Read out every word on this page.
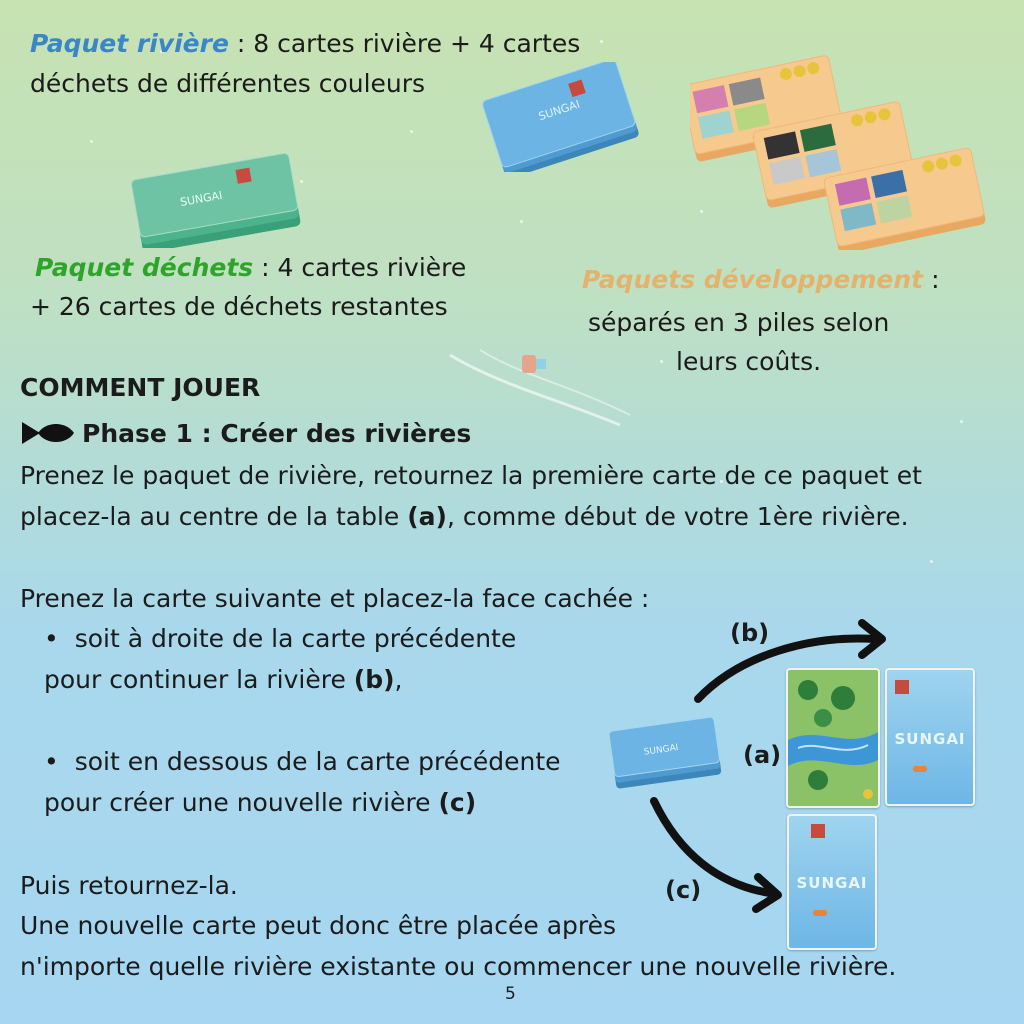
Paquet rivière : 8 cartes rivière + 4 cartes
déchets de différentes couleurs
SUNGAI
SUNGAI
Paquet déchets : 4 cartes rivière
+ 26 cartes de déchets restantes
Paquets développement :
séparés en 3 piles selon
leurs coûts.
COMMENT JOUER
Phase 1 : Créer des rivières
Prenez le paquet de rivière, retournez la première carte de ce paquet et
placez-la au centre de la table (a), comme début de votre 1ère rivière.
Prenez la carte suivante et placez-la face cachée :
• soit à droite de la carte précédente
pour continuer la rivière (b),
• soit en dessous de la carte précédente
pour créer une nouvelle rivière (c)
Puis retournez-la.
Une nouvelle carte peut donc être placée après
n'importe quelle rivière existante ou commencer une nouvelle rivière.
SUNGAI
SUNGAI
SUNGAI
(b)
(a)
(c)
5
